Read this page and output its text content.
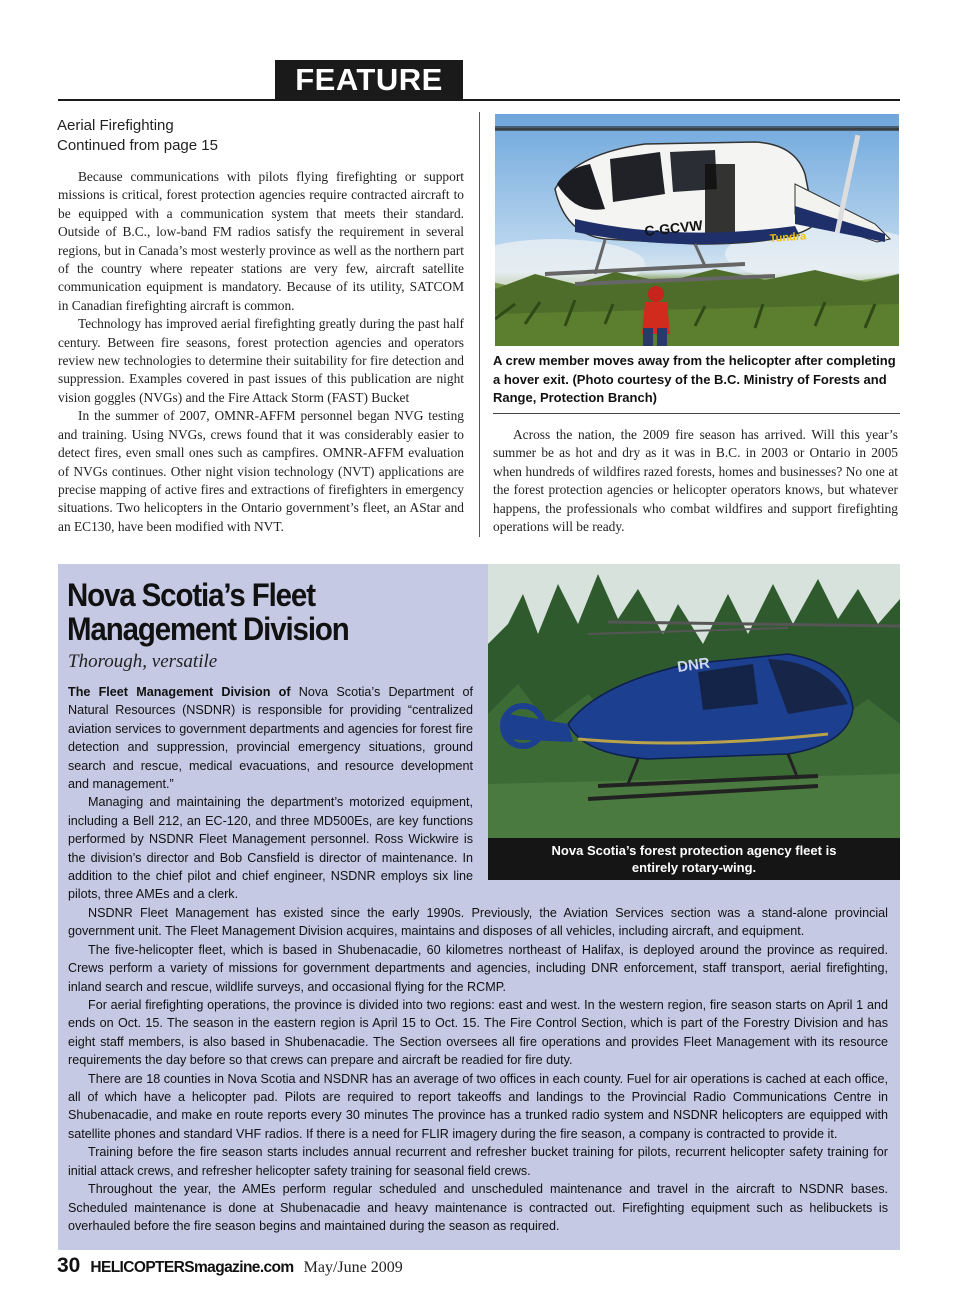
FEATURE
Aerial Firefighting
Continued from page 15

Because communications with pilots flying firefighting or support missions is critical, forest protection agencies require contracted aircraft to be equipped with a communication system that meets their standard. Outside of B.C., low-band FM radios satisfy the requirement in several regions, but in Canada’s most westerly province as well as the northern part of the country where repeater stations are very few, aircraft satellite communication equipment is mandatory. Because of its utility, SATCOM in Canadian firefighting aircraft is common.

Technology has improved aerial firefighting greatly during the past half century. Between fire seasons, forest protection agencies and operators review new technologies to determine their suitability for fire detection and suppression. Examples covered in past issues of this publication are night vision goggles (NVGs) and the Fire Attack Storm (FAST) Bucket

In the summer of 2007, OMNR-AFFM personnel began NVG testing and training. Using NVGs, crews found that it was considerably easier to detect fires, even small ones such as campfires. OMNR-AFFM evaluation of NVGs continues. Other night vision technology (NVT) applications are precise mapping of active fires and extractions of firefighters in emergency situations. Two helicopters in the Ontario government’s fleet, an AStar and an EC130, have been modified with NVT.

Tundra
C-GCVW
A crew member moves away from the helicopter after completing a hover exit. (Photo courtesy of the B.C. Ministry of Forests and Range, Protection Branch)

Across the nation, the 2009 fire season has arrived. Will this year’s summer be as hot and dry as it was in B.C. in 2003 or Ontario in 2005 when hundreds of wildfires razed forests, homes and businesses? No one at the forest protection agencies or helicopter operators knows, but whatever happens, the professionals who combat wildfires and support firefighting operations will be ready.

DNR
Nova Scotia’s forest protection agency fleet is
entirely rotary-wing.
Nova Scotia’s Fleet
Management Division
Thorough, versatile

The Fleet Management Division of Nova Scotia’s Department of Natural Resources (NSDNR) is responsible for providing “centralized aviation services to government departments and agencies for forest fire detection and suppression, provincial emergency situations, ground search and rescue, medical evacuations, and resource development and management.”

Managing and maintaining the department’s motorized equipment, including a Bell 212, an EC-120, and three MD500Es, are key functions performed by NSDNR Fleet Management personnel. Ross Wickwire is the division’s director and Bob Cansfield is director of maintenance. In addition to the chief pilot and chief engineer, NSDNR employs six line pilots, three AMEs and a clerk.

NSDNR Fleet Management has existed since the early 1990s. Previously, the Aviation Services section was a stand-alone provincial government unit. The Fleet Management Division acquires, maintains and disposes of all vehicles, including aircraft, and equipment.

The five-helicopter fleet, which is based in Shubenacadie, 60 kilometres northeast of Halifax, is deployed around the province as required. Crews perform a variety of missions for government departments and agencies, including DNR enforcement, staff transport, aerial firefighting, inland search and rescue, wildlife surveys, and occasional flying for the RCMP.

For aerial firefighting operations, the province is divided into two regions: east and west. In the western region, fire season starts on April 1 and ends on Oct. 15. The season in the eastern region is April 15 to Oct. 15. The Fire Control Section, which is part of the Forestry Division and has eight staff members, is also based in Shubenacadie. The Section oversees all fire operations and provides Fleet Management with its resource requirements the day before so that crews can prepare and aircraft be readied for fire duty.

There are 18 counties in Nova Scotia and NSDNR has an average of two offices in each county. Fuel for air operations is cached at each office, all of which have a helicopter pad. Pilots are required to report takeoffs and landings to the Provincial Radio Communications Centre in Shubenacadie, and make en route reports every 30 minutes The province has a trunked radio system and NSDNR helicopters are equipped with satellite phones and standard VHF radios. If there is a need for FLIR imagery during the fire season, a company is contracted to provide it.

Training before the fire season starts includes annual recurrent and refresher bucket training for pilots, recurrent helicopter safety training for initial attack crews, and refresher helicopter safety training for seasonal field crews.

Throughout the year, the AMEs perform regular scheduled and unscheduled maintenance and travel in the aircraft to NSDNR bases. Scheduled maintenance is done at Shubenacadie and heavy maintenance is contracted out. Firefighting equipment such as helibuckets is overhauled before the fire season begins and maintained during the season as required.

30 HELICOPTERSmagazine.com May/June 2009
